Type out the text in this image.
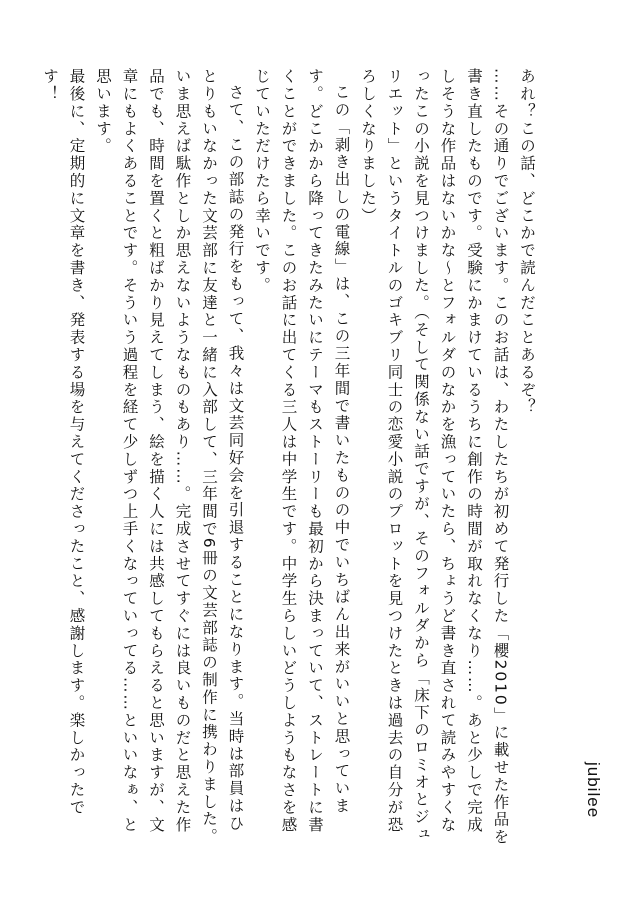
jubilee

あれ？この話、どこかで読んだことあるぞ？

……その通りでございます。このお話は、わたしたちが初めて発行した「櫻2010」に載せた作品を書き直したものです。受験にかまけているうちに創作の時間が取れなくなり……。あと少しで完成しそうな作品はないかな～とフォルダのなかを漁っていたら、ちょうど書き直されて読みやすくなったこの小説を見つけました。（そして関係ない話ですが、そのフォルダから「床下のロミオとジュリエット」というタイトルのゴキブリ同士の恋愛小説のプロットを見つけたときは過去の自分が恐ろしくなりました）

この「剥き出しの電線」は、この三年間で書いたものの中でいちばん出来がいいと思っています。どこかから降ってきたみたいにテーマもストーリーも最初から決まっていて、ストレートに書くことができました。このお話に出てくる三人は中学生です。中学生らしいどうしようもなさを感じていただけたら幸いです。

さて、この部誌の発行をもって、我々は文芸同好会を引退することになります。当時は部員はひとりもいなかった文芸部に友達と一緒に入部して、三年間で6冊の文芸部誌の制作に携わりました。いま思えば駄作としか思えないようなものもあり……。完成させてすぐには良いものだと思えた作品でも、時間を置くと粗ばかり見えてしまう、絵を描く人には共感してもらえると思いますが、文章にもよくあることです。そういう過程を経て少しずつ上手くなっていってる……といいなぁ、と思います。

最後に、定期的に文章を書き、発表する場を与えてくださったこと、感謝します。楽しかったです！
